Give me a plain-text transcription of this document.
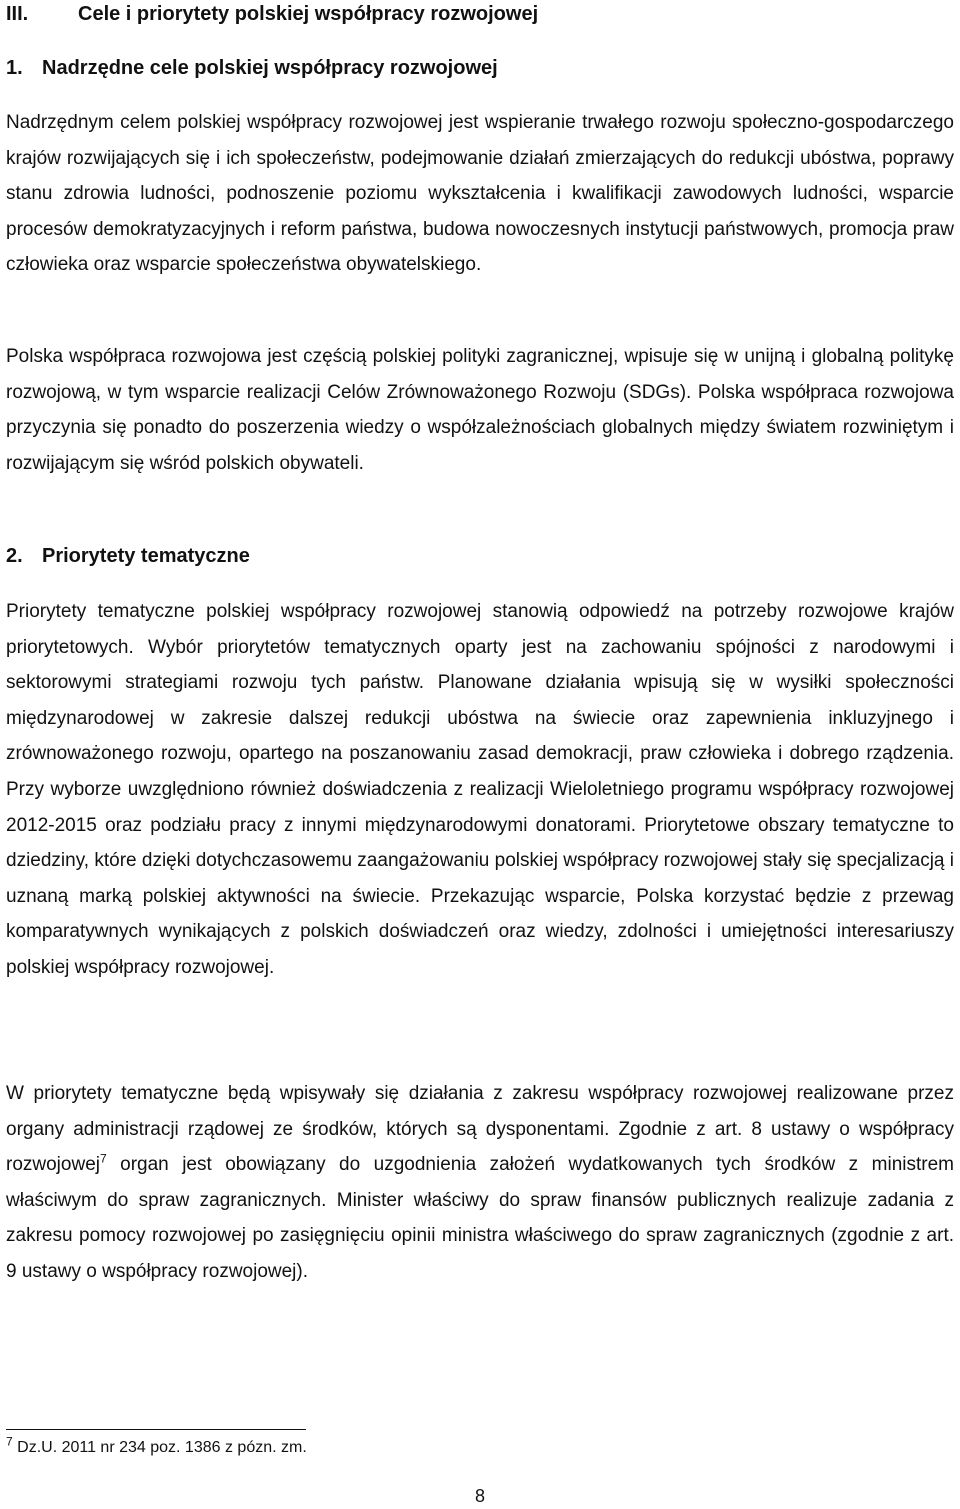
III. Cele i priorytety polskiej współpracy rozwojowej
1. Nadrzędne cele polskiej współpracy rozwojowej

Nadrzędnym celem polskiej współpracy rozwojowej jest wspieranie trwałego rozwoju społeczno-gospodarczego krajów rozwijających się i ich społeczeństw, podejmowanie działań zmierzających do redukcji ubóstwa, poprawy stanu zdrowia ludności, podnoszenie poziomu wykształcenia i kwalifikacji zawodowych ludności, wsparcie procesów demokratyzacyjnych i reform państwa, budowa nowoczesnych instytucji państwowych, promocja praw człowieka oraz wsparcie społeczeństwa obywatelskiego.

Polska współpraca rozwojowa jest częścią polskiej polityki zagranicznej, wpisuje się w unijną i globalną politykę rozwojową, w tym wsparcie realizacji Celów Zrównoważonego Rozwoju (SDGs). Polska współpraca rozwojowa przyczynia się ponadto do poszerzenia wiedzy o współzależnościach globalnych między światem rozwiniętym i rozwijającym się wśród polskich obywateli.

2. Priorytety tematyczne

Priorytety tematyczne polskiej współpracy rozwojowej stanowią odpowiedź na potrzeby rozwojowe krajów priorytetowych. Wybór priorytetów tematycznych oparty jest na zachowaniu spójności z narodowymi i sektorowymi strategiami rozwoju tych państw. Planowane działania wpisują się w wysiłki społeczności międzynarodowej w zakresie dalszej redukcji ubóstwa na świecie oraz zapewnienia inkluzyjnego i zrównoważonego rozwoju, opartego na poszanowaniu zasad demokracji, praw człowieka i dobrego rządzenia. Przy wyborze uwzględniono również doświadczenia z realizacji Wieloletniego programu współpracy rozwojowej 2012-2015 oraz podziału pracy z innymi międzynarodowymi donatorami. Priorytetowe obszary tematyczne to dziedziny, które dzięki dotychczasowemu zaangażowaniu polskiej współpracy rozwojowej stały się specjalizacją i uznaną marką polskiej aktywności na świecie. Przekazując wsparcie, Polska korzystać będzie z przewag komparatywnych wynikających z polskich doświadczeń oraz wiedzy, zdolności i umiejętności interesariuszy polskiej współpracy rozwojowej.

W priorytety tematyczne będą wpisywały się działania z zakresu współpracy rozwojowej realizowane przez organy administracji rządowej ze środków, których są dysponentami. Zgodnie z art. 8 ustawy o współpracy rozwojowej$^7$ organ jest obowiązany do uzgodnienia założeń wydatkowanych tych środków z ministrem właściwym do spraw zagranicznych. Minister właściwy do spraw finansów publicznych realizuje zadania z zakresu pomocy rozwojowej po zasięgnięciu opinii ministra właściwego do spraw zagranicznych (zgodnie z art. 9 ustawy o współpracy rozwojowej).

$^7$ Dz.U. 2011 nr 234 poz. 1386 z pózn. zm.
8
